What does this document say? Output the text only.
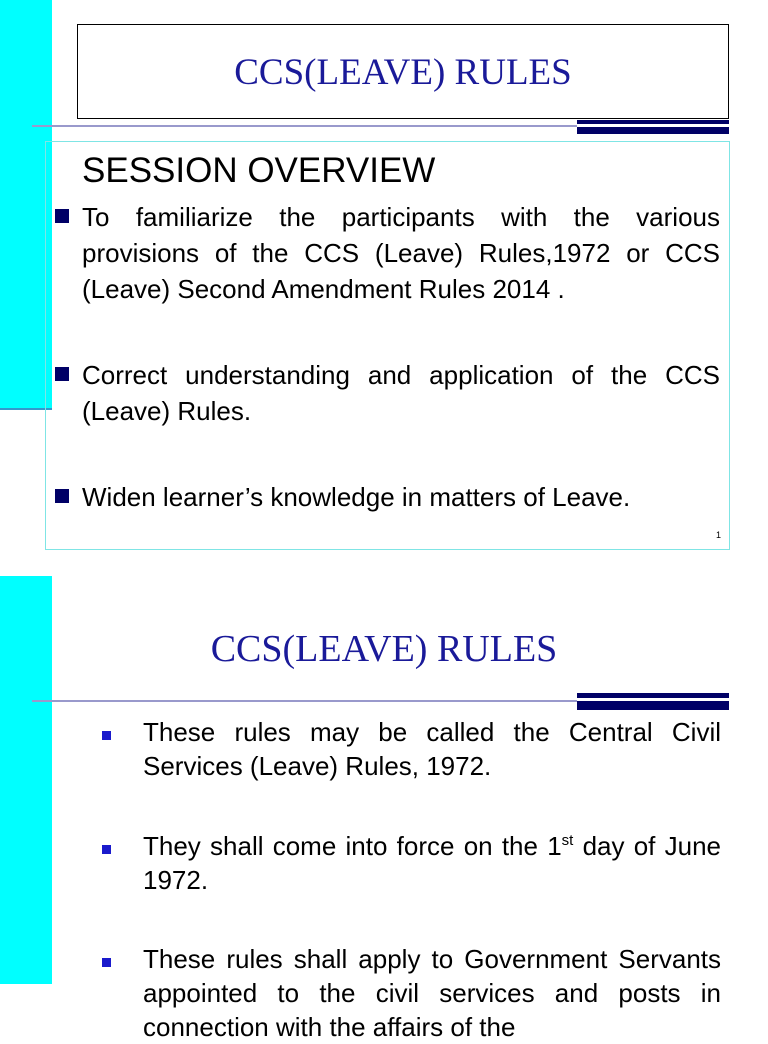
CCS(LEAVE) RULES
SESSION OVERVIEW
To familiarize the participants with the various provisions of the CCS (Leave) Rules,1972 or CCS (Leave) Second Amendment Rules 2014 .
Correct understanding and application of the CCS (Leave) Rules.
Widen learner’s knowledge in matters of Leave.
1
CCS(LEAVE) RULES
These rules may be called the Central Civil Services (Leave) Rules, 1972.
They shall come into force on the 1st day of June 1972.
These rules shall apply to Government Servants appointed to the civil services and posts in connection with the affairs of the
